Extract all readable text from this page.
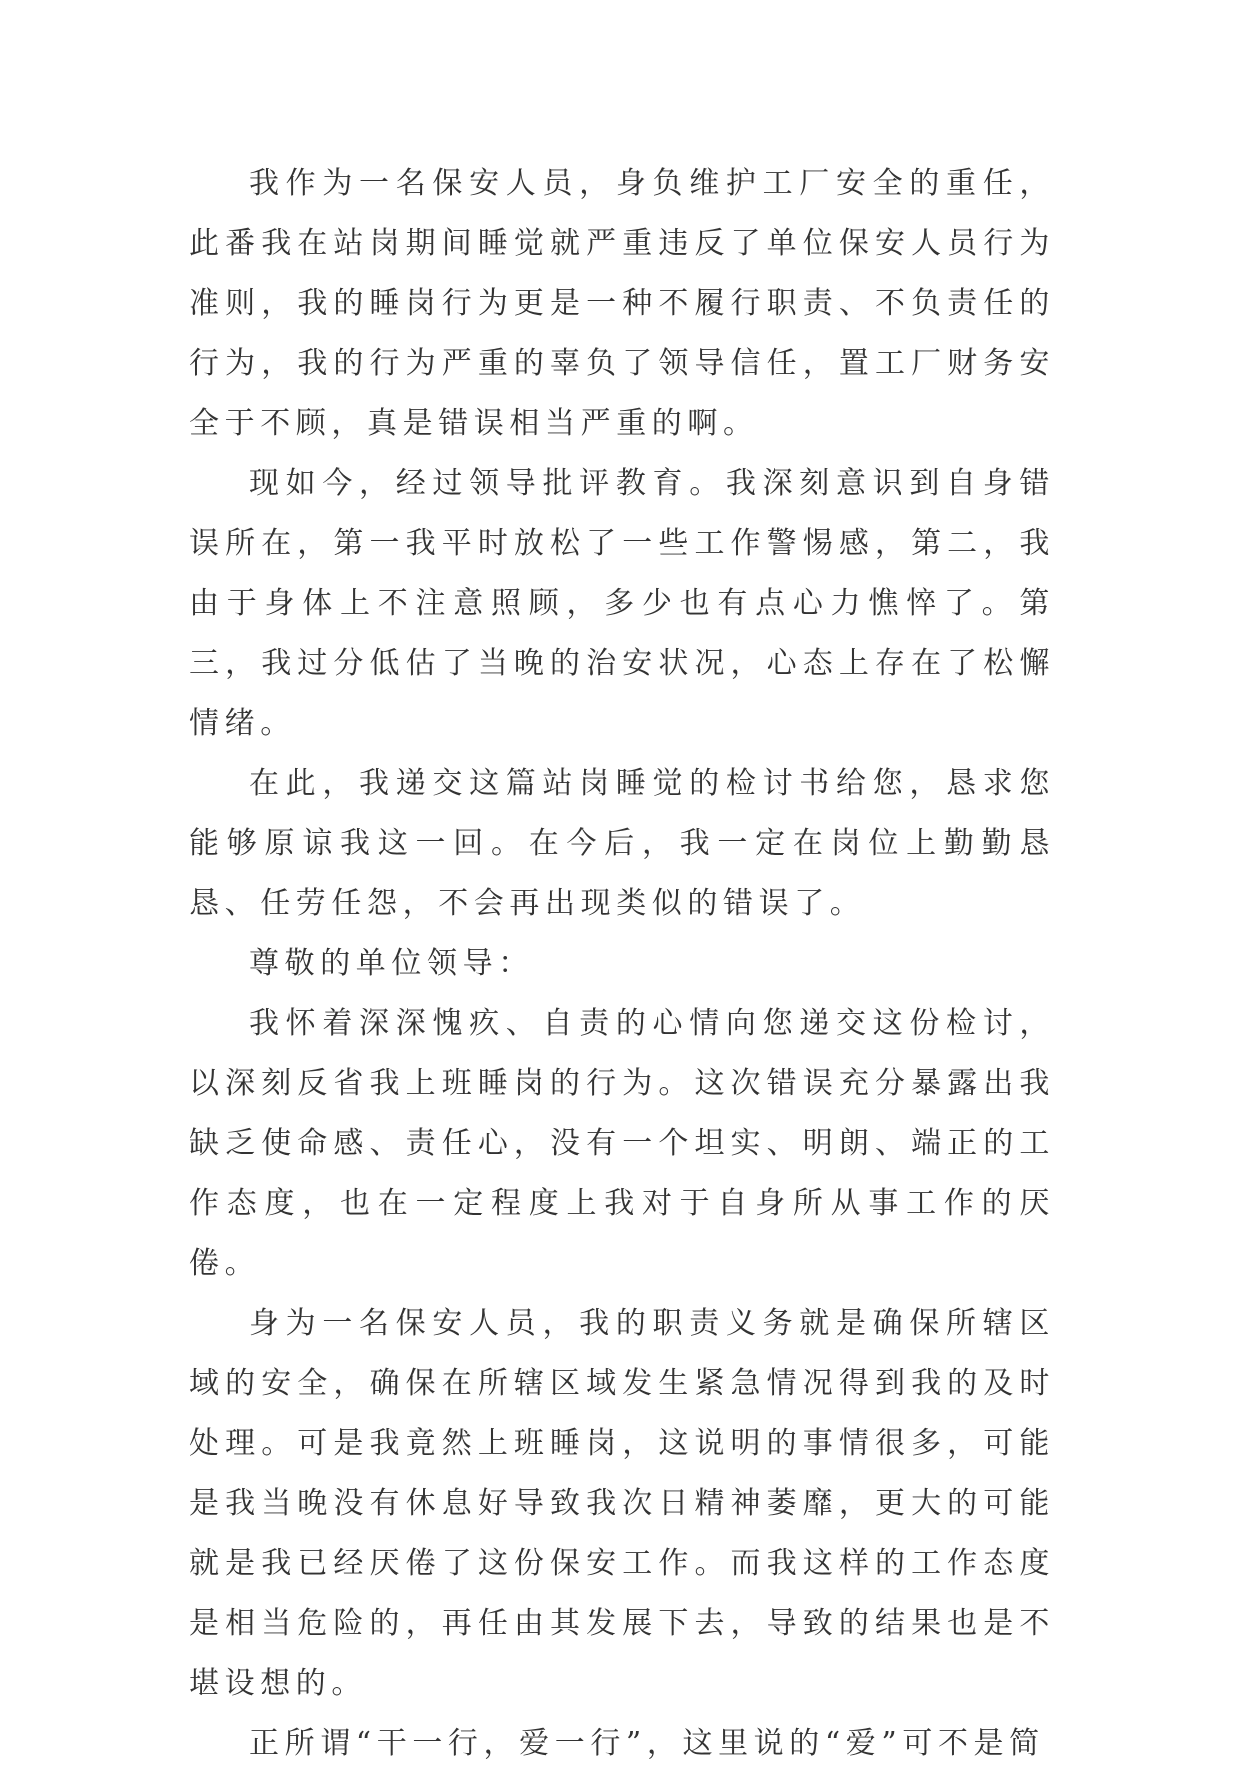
我作为一名保安人员，身负维护工厂安全的重任，此番我在站岗期间睡觉就严重违反了单位保安人员行为准则，我的睡岗行为更是一种不履行职责、不负责任的行为，我的行为严重的辜负了领导信任，置工厂财务安全于不顾，真是错误相当严重的啊。

现如今，经过领导批评教育。我深刻意识到自身错误所在，第一我平时放松了一些工作警惕感，第二，我由于身体上不注意照顾，多少也有点心力憔悴了。第三，我过分低估了当晚的治安状况，心态上存在了松懈情绪。

在此，我递交这篇站岗睡觉的检讨书给您，恳求您能够原谅我这一回。在今后，我一定在岗位上勤勤恳恳、任劳任怨，不会再出现类似的错误了。

尊敬的单位领导：

我怀着深深愧疚、自责的心情向您递交这份检讨，以深刻反省我上班睡岗的行为。这次错误充分暴露出我缺乏使命感、责任心，没有一个坦实、明朗、端正的工作态度，也在一定程度上我对于自身所从事工作的厌倦。

身为一名保安人员，我的职责义务就是确保所辖区域的安全，确保在所辖区域发生紧急情况得到我的及时处理。可是我竟然上班睡岗，这说明的事情很多，可能是我当晚没有休息好导致我次日精神萎靡，更大的可能就是我已经厌倦了这份保安工作。而我这样的工作态度是相当危险的，再任由其发展下去，导致的结果也是不堪设想的。

正所谓“干一行，爱一行”，这里说的“爱”可不是简
